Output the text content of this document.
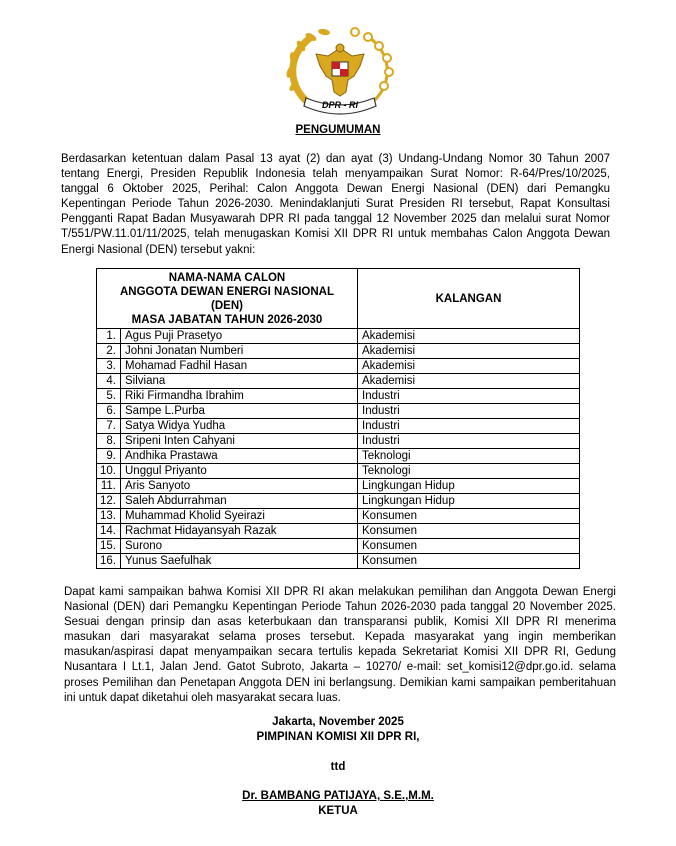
DPR - RI
PENGUMUMAN

Berdasarkan ketentuan dalam Pasal 13 ayat (2) dan ayat (3) Undang-Undang Nomor 30 Tahun 2007 tentang Energi, Presiden Republik Indonesia telah menyampaikan Surat Nomor: R-64/Pres/10/2025, tanggal 6 Oktober 2025, Perihal: Calon Anggota Dewan Energi Nasional (DEN) dari Pemangku Kepentingan Periode Tahun 2026-2030. Menindaklanjuti Surat Presiden RI tersebut, Rapat Konsultasi Pengganti Rapat Badan Musyawarah DPR RI pada tanggal 12 November 2025 dan melalui surat Nomor T/551/PW.11.01/11/2025, telah menugaskan Komisi XII DPR RI untuk membahas Calon Anggota Dewan Energi Nasional (DEN) tersebut yakni:

NAMA-NAMA CALON
ANGGOTA DEWAN ENERGI NASIONAL
(DEN)
MASA JABATAN TAHUN 2026-2030		KALANGAN
1.	Agus Puji Prasetyo	Akademisi
2.	Johni Jonatan Numberi	Akademisi
3.	Mohamad Fadhil Hasan	Akademisi
4.	Silviana	Akademisi
5.	Riki Firmandha Ibrahim	Industri
6.	Sampe L.Purba	Industri
7.	Satya Widya Yudha	Industri
8.	Sripeni Inten Cahyani	Industri
9.	Andhika Prastawa	Teknologi
10.	Unggul Priyanto	Teknologi
11.	Aris Sanyoto	Lingkungan Hidup
12.	Saleh Abdurrahman	Lingkungan Hidup
13.	Muhammad Kholid Syeirazi	Konsumen
14.	Rachmat Hidayansyah Razak	Konsumen
15.	Surono	Konsumen
16.	Yunus Saefulhak	Konsumen

Dapat kami sampaikan bahwa Komisi XII DPR RI akan melakukan pemilihan dan Anggota Dewan Energi Nasional (DEN) dari Pemangku Kepentingan Periode Tahun 2026-2030 pada tanggal 20 November 2025. Sesuai dengan prinsip dan asas keterbukaan dan transparansi publik, Komisi XII DPR RI menerima masukan dari masyarakat selama proses tersebut. Kepada masyarakat yang ingin memberikan masukan/aspirasi dapat menyampaikan secara tertulis kepada Sekretariat Komisi XII DPR RI, Gedung Nusantara I Lt.1, Jalan Jend. Gatot Subroto, Jakarta – 10270/ e-mail: set_komisi12@dpr.go.id. selama proses Pemilihan dan Penetapan Anggota DEN ini berlangsung. Demikian kami sampaikan pemberitahuan ini untuk dapat diketahui oleh masyarakat secara luas.

Jakarta, November 2025
PIMPINAN KOMISI XII DPR RI,
ttd
Dr. BAMBANG PATIJAYA, S.E.,M.M.
KETUA
